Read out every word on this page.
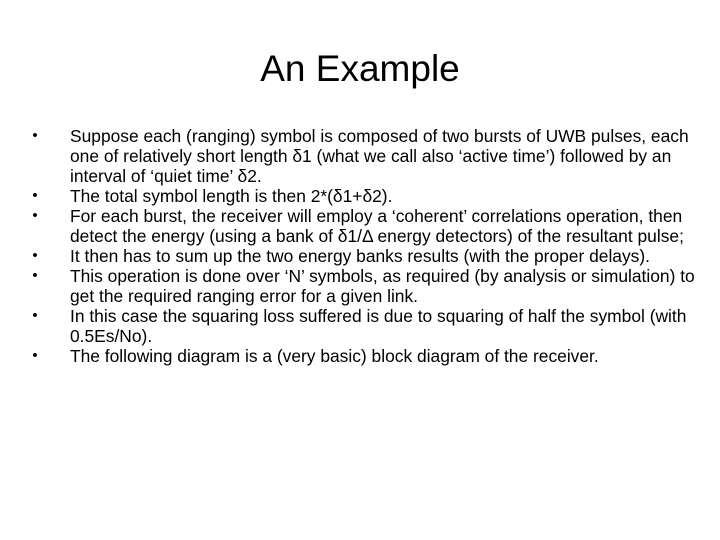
An Example
• Suppose each (ranging) symbol is composed of two bursts of UWB pulses, each one of relatively short length δ1 (what we call also ‘active time’) followed by an interval of ‘quiet time’ δ2.
• The total symbol length is then 2*(δ1+δ2).
• For each burst, the receiver will employ a ‘coherent’ correlations operation, then detect the energy (using a bank of δ1/Δ energy detectors) of the resultant pulse;
• It then has to sum up the two energy banks results (with the proper delays).
• This operation is done over ‘N’ symbols, as required (by analysis or simulation) to get the required ranging error for a given link.
• In this case the squaring loss suffered is due to squaring of half the symbol (with 0.5Es/No).
• The following diagram is a (very basic) block diagram of the receiver.
